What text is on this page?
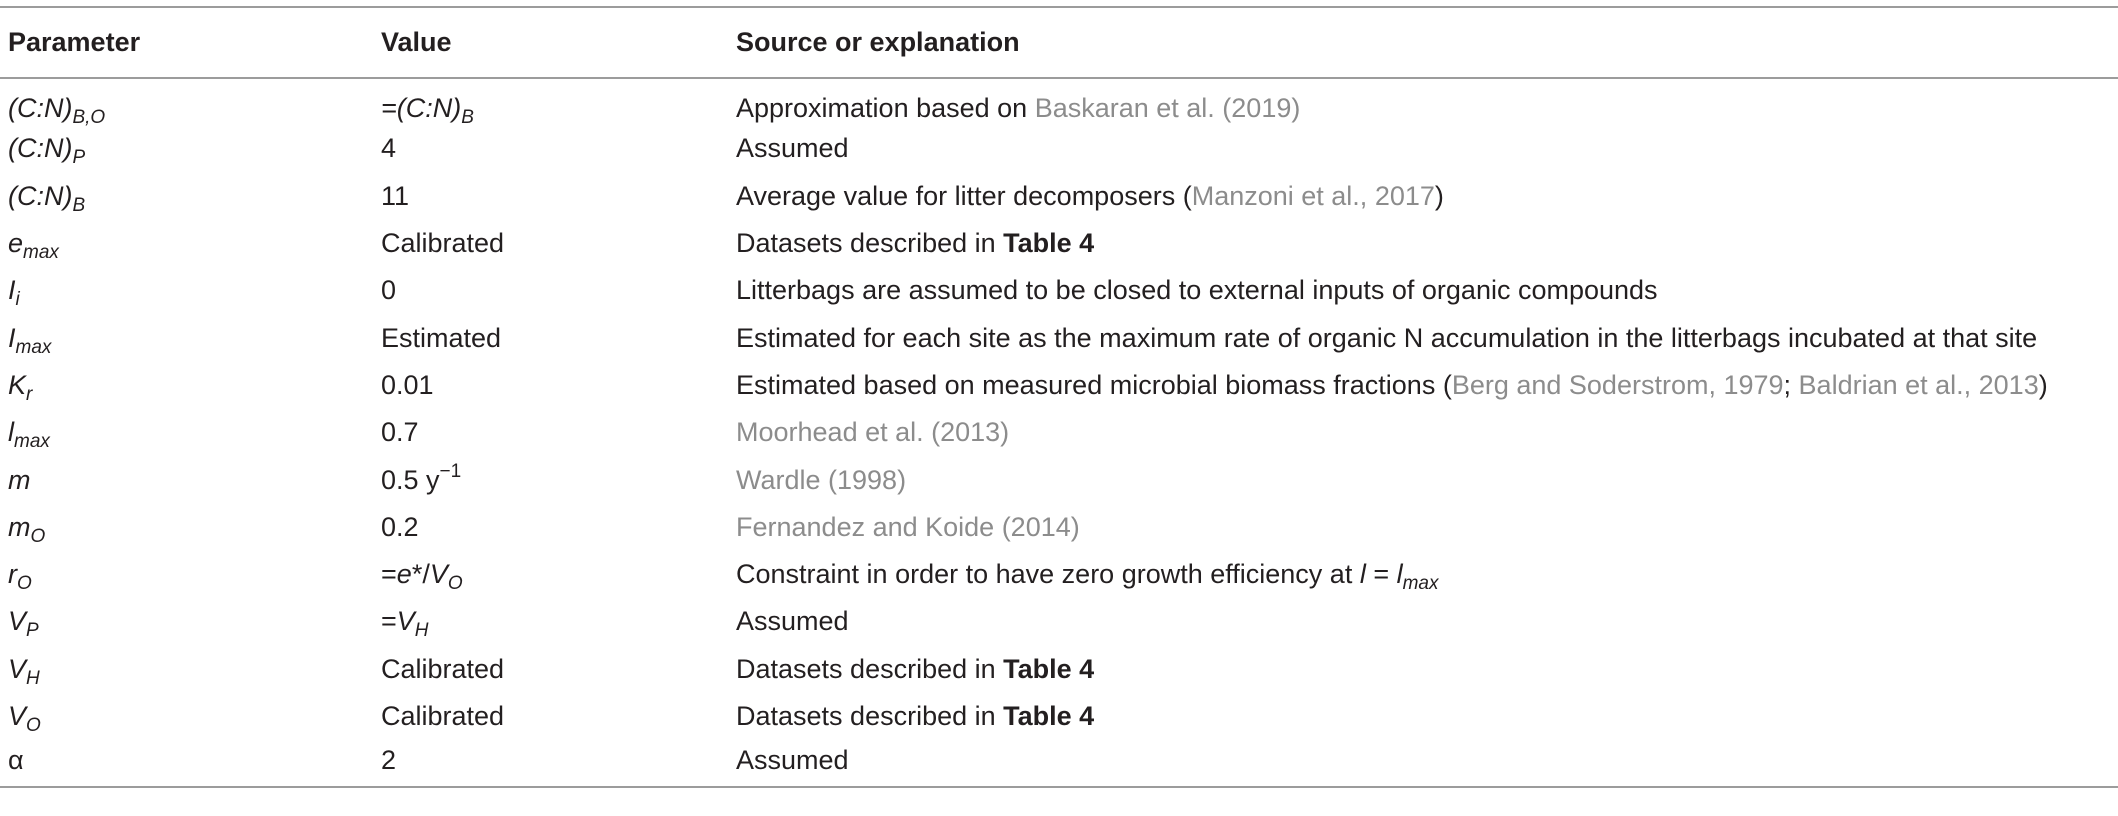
Parameter	Value	Source or explanation
$(C:N)_{B,O}$	$=(C:N)_B$	Approximation based on Baskaran et al. (2019)
$(C:N)_P$	4	Assumed
$(C:N)_B$	11	Average value for litter decomposers (Manzoni et al., 2017)
$e_{max}$	Calibrated	Datasets described in Table 4
$I_i$	0	Litterbags are assumed to be closed to external inputs of organic compounds
$I_{max}$	Estimated	Estimated for each site as the maximum rate of organic N accumulation in the litterbags incubated at that site
$K_r$	0.01	Estimated based on measured microbial biomass fractions (Berg and Soderstrom, 1979; Baldrian et al., 2013)
$l_{max}$	0.7	Moorhead et al. (2013)
m	0.5 $y^{-1}$	Wardle (1998)
$m_O$	0.2	Fernandez and Koide (2014)
$r_O$	$=e*/V_O$	Constraint in order to have zero growth efficiency at $l = l_{max}$
$V_P$	$=V_H$	Assumed
$V_H$	Calibrated	Datasets described in Table 4
$V_O$	Calibrated	Datasets described in Table 4
α	2	Assumed
